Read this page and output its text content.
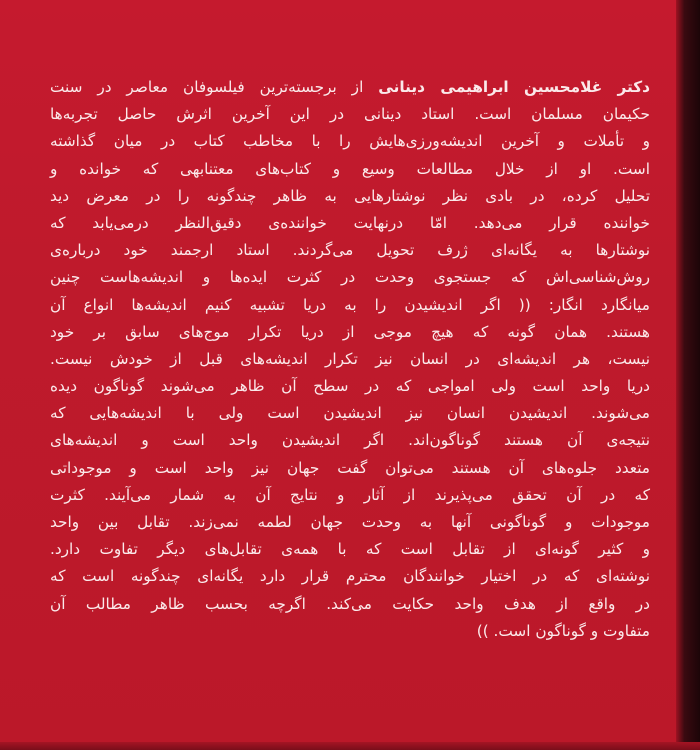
دکتر غلامحسین ابراهیمی دینانی از برجسته‌ترین فیلسوفان معاصر در سنت
حکیمان مسلمان است. استاد دینانی در این آخرین اثرش حاصل تجربه‌ها
و تأملات و آخرین اندیشه‌ورزی‌هایش را با مخاطب کتاب در میان گذاشته
است. او از خلال مطالعات وسیع و کتاب‌های معتنابهی که خوانده و
تحلیل کرده، در بادی نظر نوشتارهایی به ظاهر چندگونه را در معرض دید
خواننده قرار می‌دهد. امّا درنهایت خواننده‌ی دقیق‌النظر درمی‌یابد که
نوشتارها به یگانه‌ای ژرف تحویل می‌گردند. استاد ارجمند خود درباره‌ی
روش‌شناسی‌اش که جستجوی وحدت در کثرت ایده‌ها و اندیشه‌هاست چنین
میانگارد انگار: (( اگر اندیشیدن را به دریا تشبیه کنیم اندیشه‌ها انواع آن
هستند. همان گونه که هیچ موجی از دریا تکرار موج‌های سابق بر خود
نیست، هر اندیشه‌ای در انسان نیز تکرار اندیشه‌های قبل از خودش نیست.
دریا واحد است ولی امواجی که در سطح آن ظاهر می‌شوند گوناگون دیده
می‌شوند. اندیشیدن انسان نیز اندیشیدن است ولی با اندیشه‌هایی که
نتیجه‌ی آن هستند گوناگون‌اند. اگر اندیشیدن واحد است و اندیشه‌های
متعدد جلوه‌های آن هستند می‌توان گفت جهان نیز واحد است و موجوداتی
که در آن تحقق می‌پذیرند از آثار و نتایج آن به شمار می‌آیند. کثرت
موجودات و گوناگونی آنها به وحدت جهان لطمه نمی‌زند. تقابل بین واحد
و کثیر گونه‌ای از تقابل است که با همه‌ی تقابل‌های دیگر تفاوت دارد.
نوشته‌ای که در اختیار خوانندگان محترم قرار دارد یگانه‌ای چندگونه است که
در واقع از هدف واحد حکایت می‌کند. اگرچه بحسب ظاهر مطالب آن
متفاوت و گوناگون است. ))
